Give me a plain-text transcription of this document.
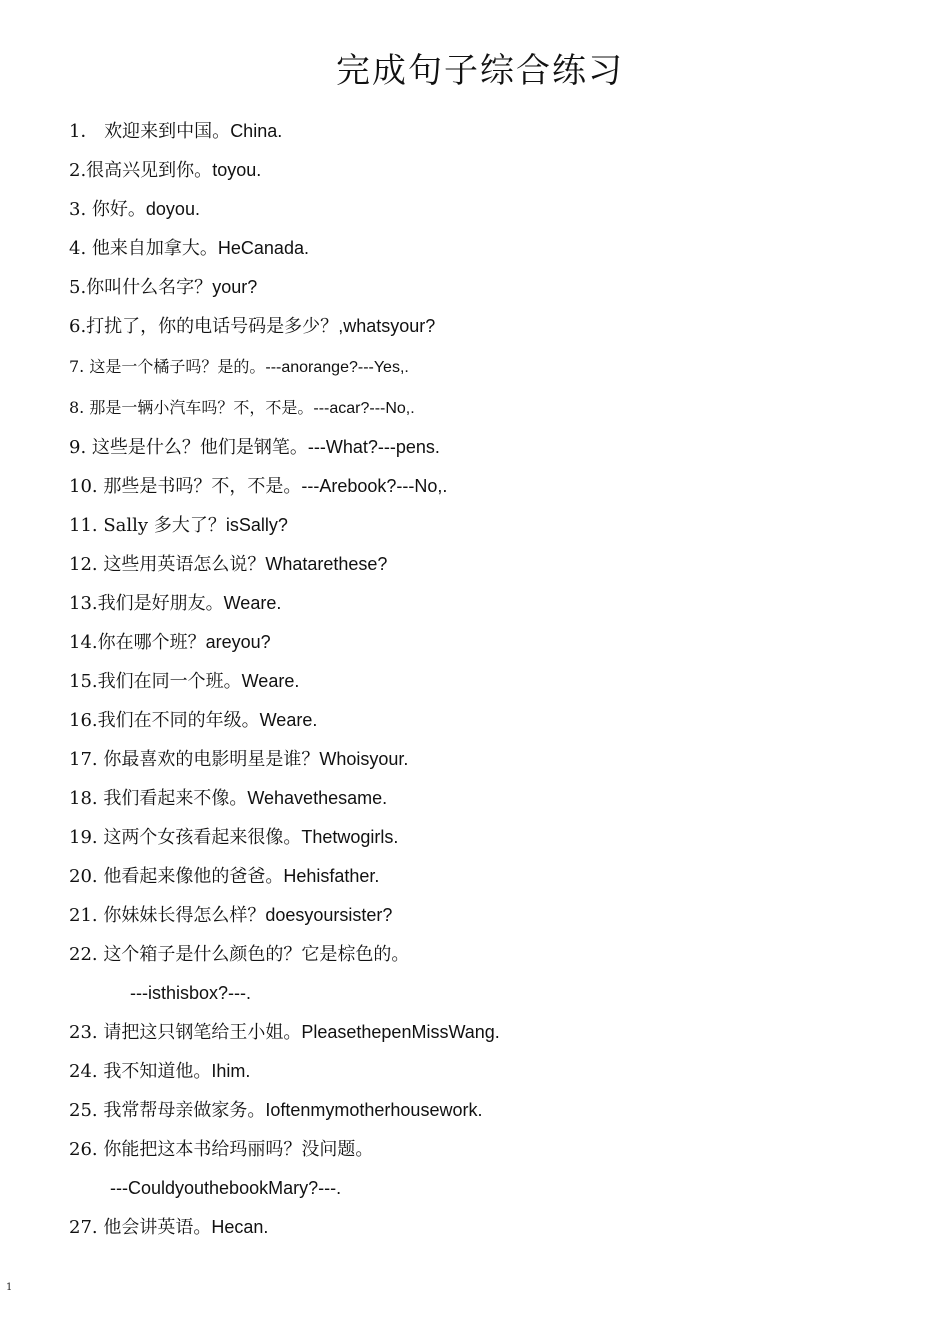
完成句子综合练习
1． 欢迎来到中国。China.
2.很高兴见到你。toyou.
3. 你好。doyou.
4. 他来自加拿大。HeCanada.
5.你叫什么名字？your?
6.打扰了，你的电话号码是多少？,whatsyour?
7. 这是一个橘子吗？是的。---anorange?---Yes,.
8. 那是一辆小汽车吗？不，不是。---acar?---No,.
9. 这些是什么？他们是钢笔。---What?---pens.
10. 那些是书吗？不，不是。---Arebook?---No,.
11. Sally 多大了？isSally?
12. 这些用英语怎么说？Whatarethese?
13.我们是好朋友。Weare.
14.你在哪个班？areyou?
15.我们在同一个班。Weare.
16.我们在不同的年级。Weare.
17. 你最喜欢的电影明星是谁？Whoisyour.
18. 我们看起来不像。Wehavethesame.
19. 这两个女孩看起来很像。Thetwogirls.
20. 他看起来像他的爸爸。Hehisfather.
21. 你妹妹长得怎么样？doesyoursister?
22. 这个箱子是什么颜色的？它是棕色的。
---isthisbox?---.
23. 请把这只钢笔给王小姐。PleasethepenMissWang.
24. 我不知道他。Ihim.
25. 我常帮母亲做家务。Ioftenmymotherhousework.
26. 你能把这本书给玛丽吗？没问题。
---CouldyouthebookMary?---.
27. 他会讲英语。Hecan.
1
